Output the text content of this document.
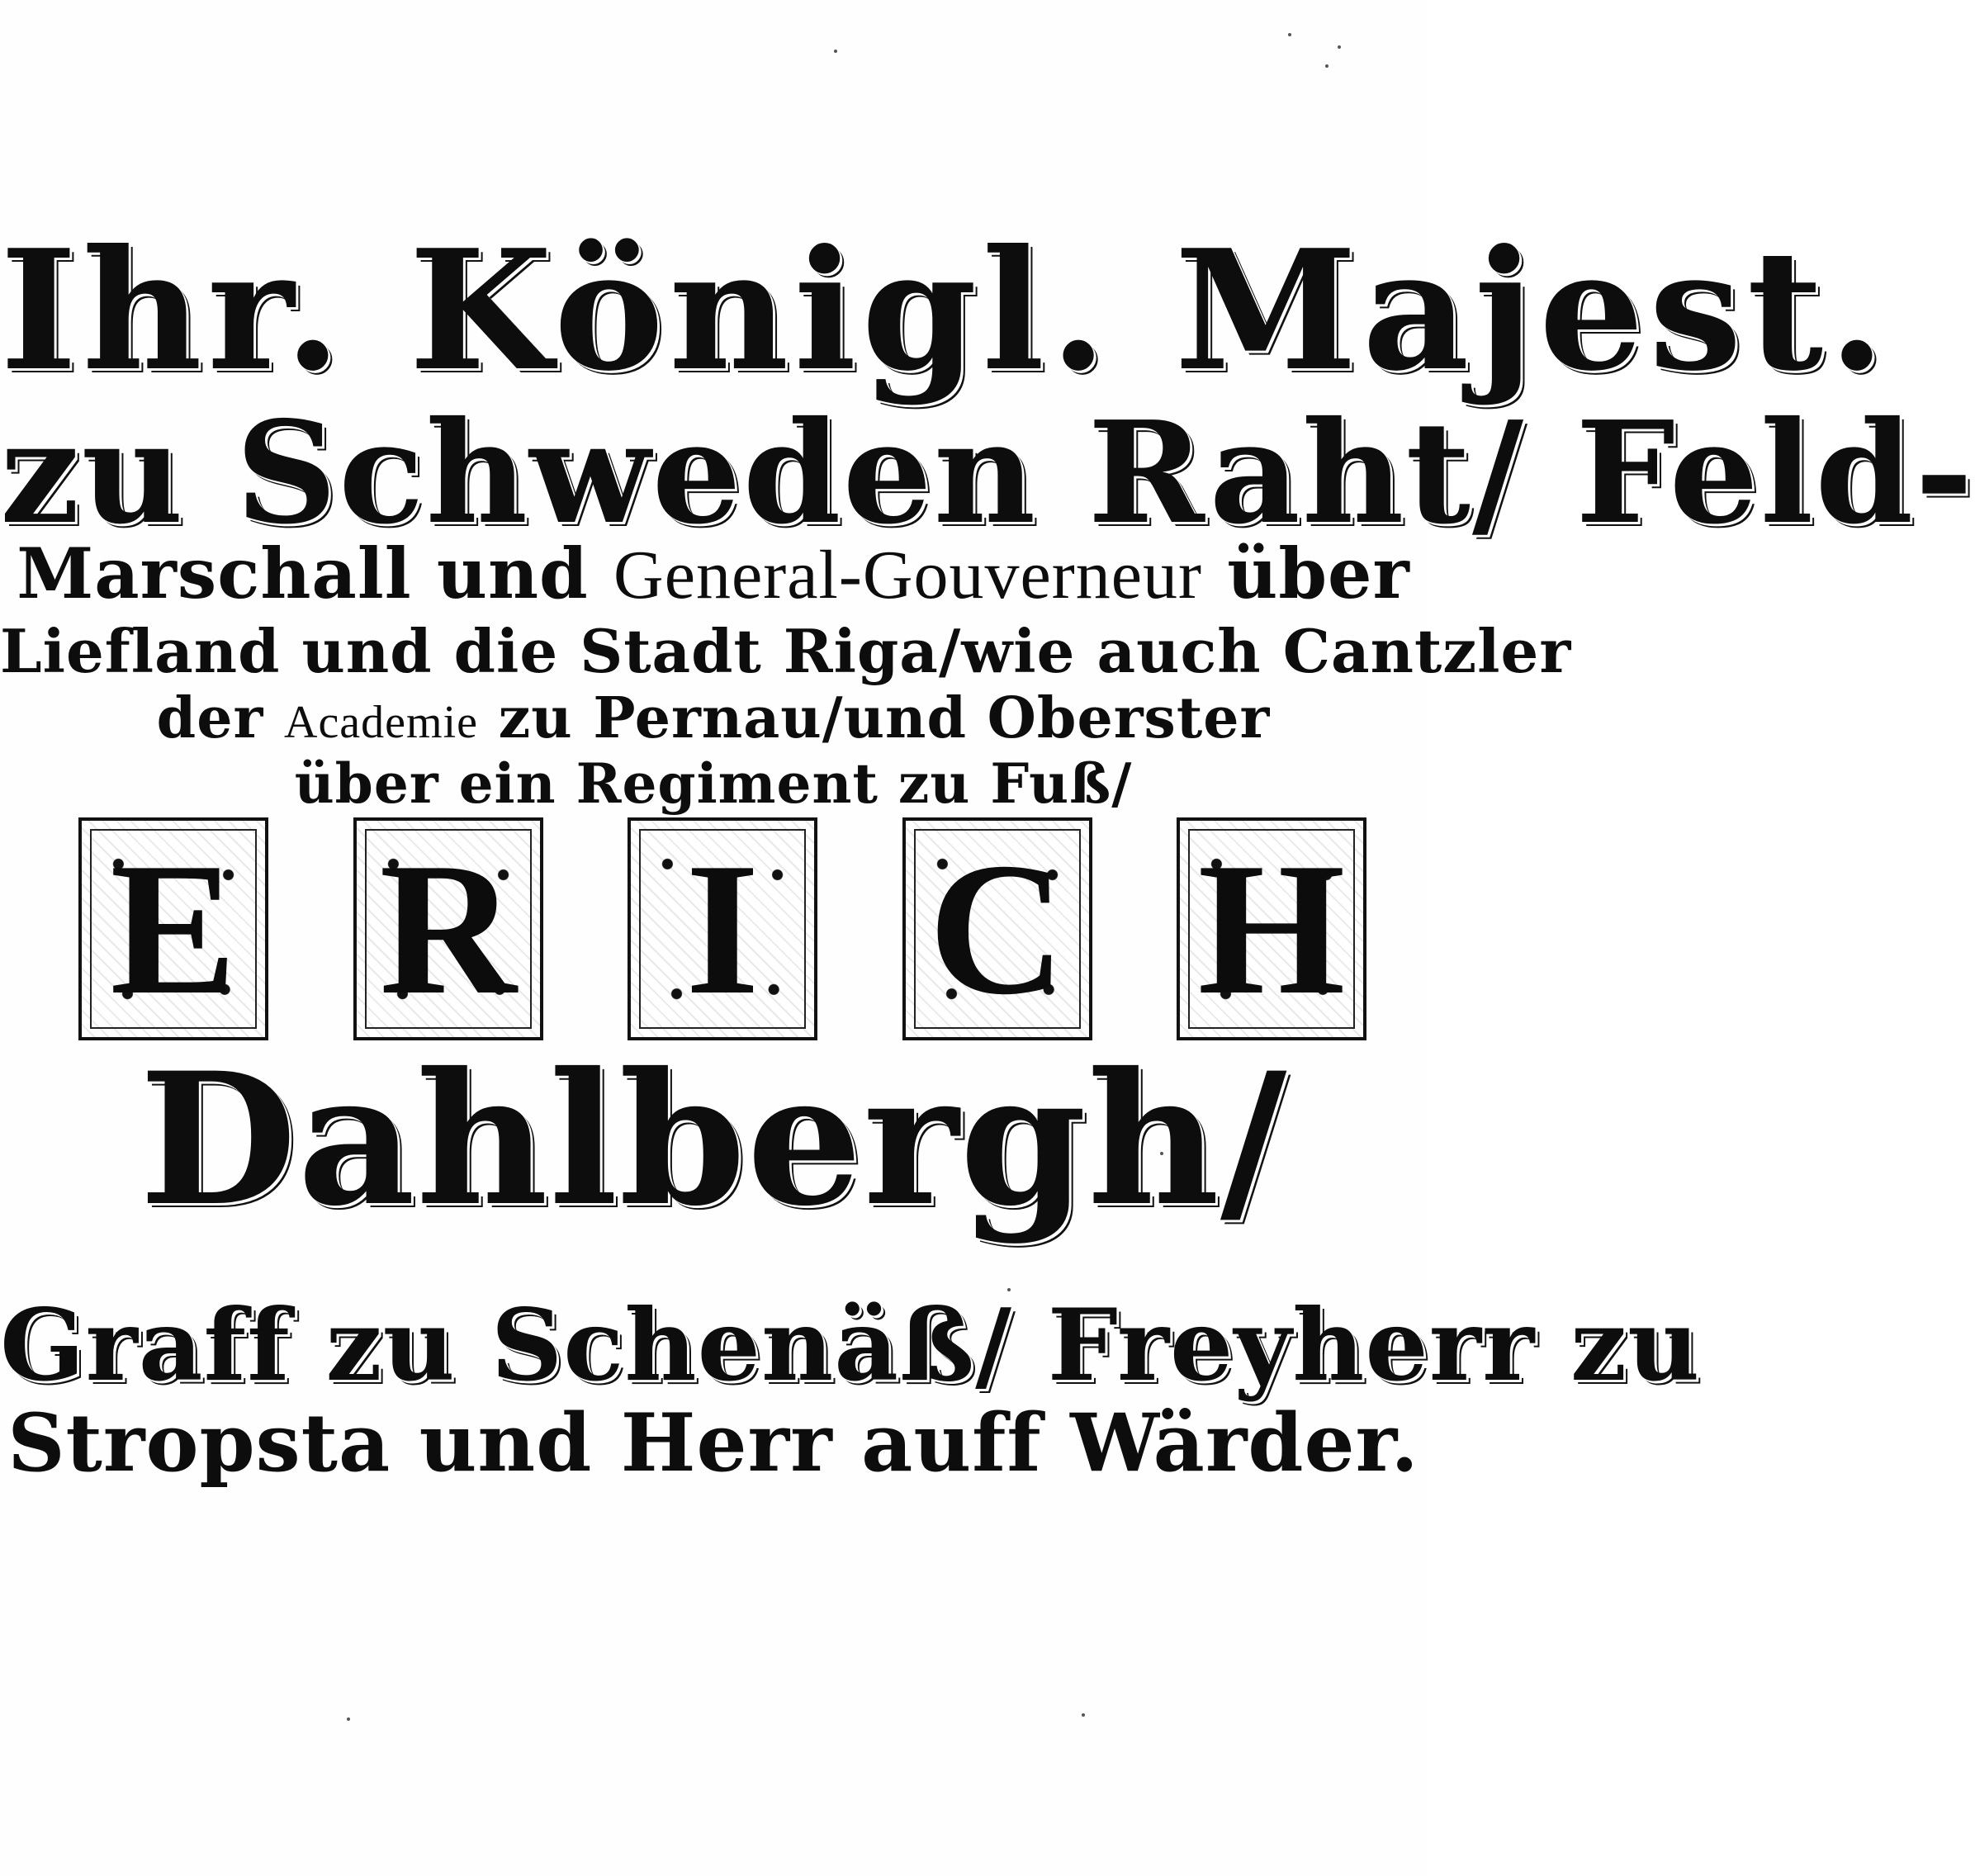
Ihr. Königl. Majest.
zu Schweden Raht/ Feld-
Marschall und General-Gouverneur über
Liefland und die Stadt Riga/wie auch Cantzler
der Academie zu Pernau/und Oberster
über ein Regiment zu Fuß/
E R I C H
Dahlbergh/
Graff zu Schenäß/ Freyherr zu
Stropsta und Herr auff Wärder.
